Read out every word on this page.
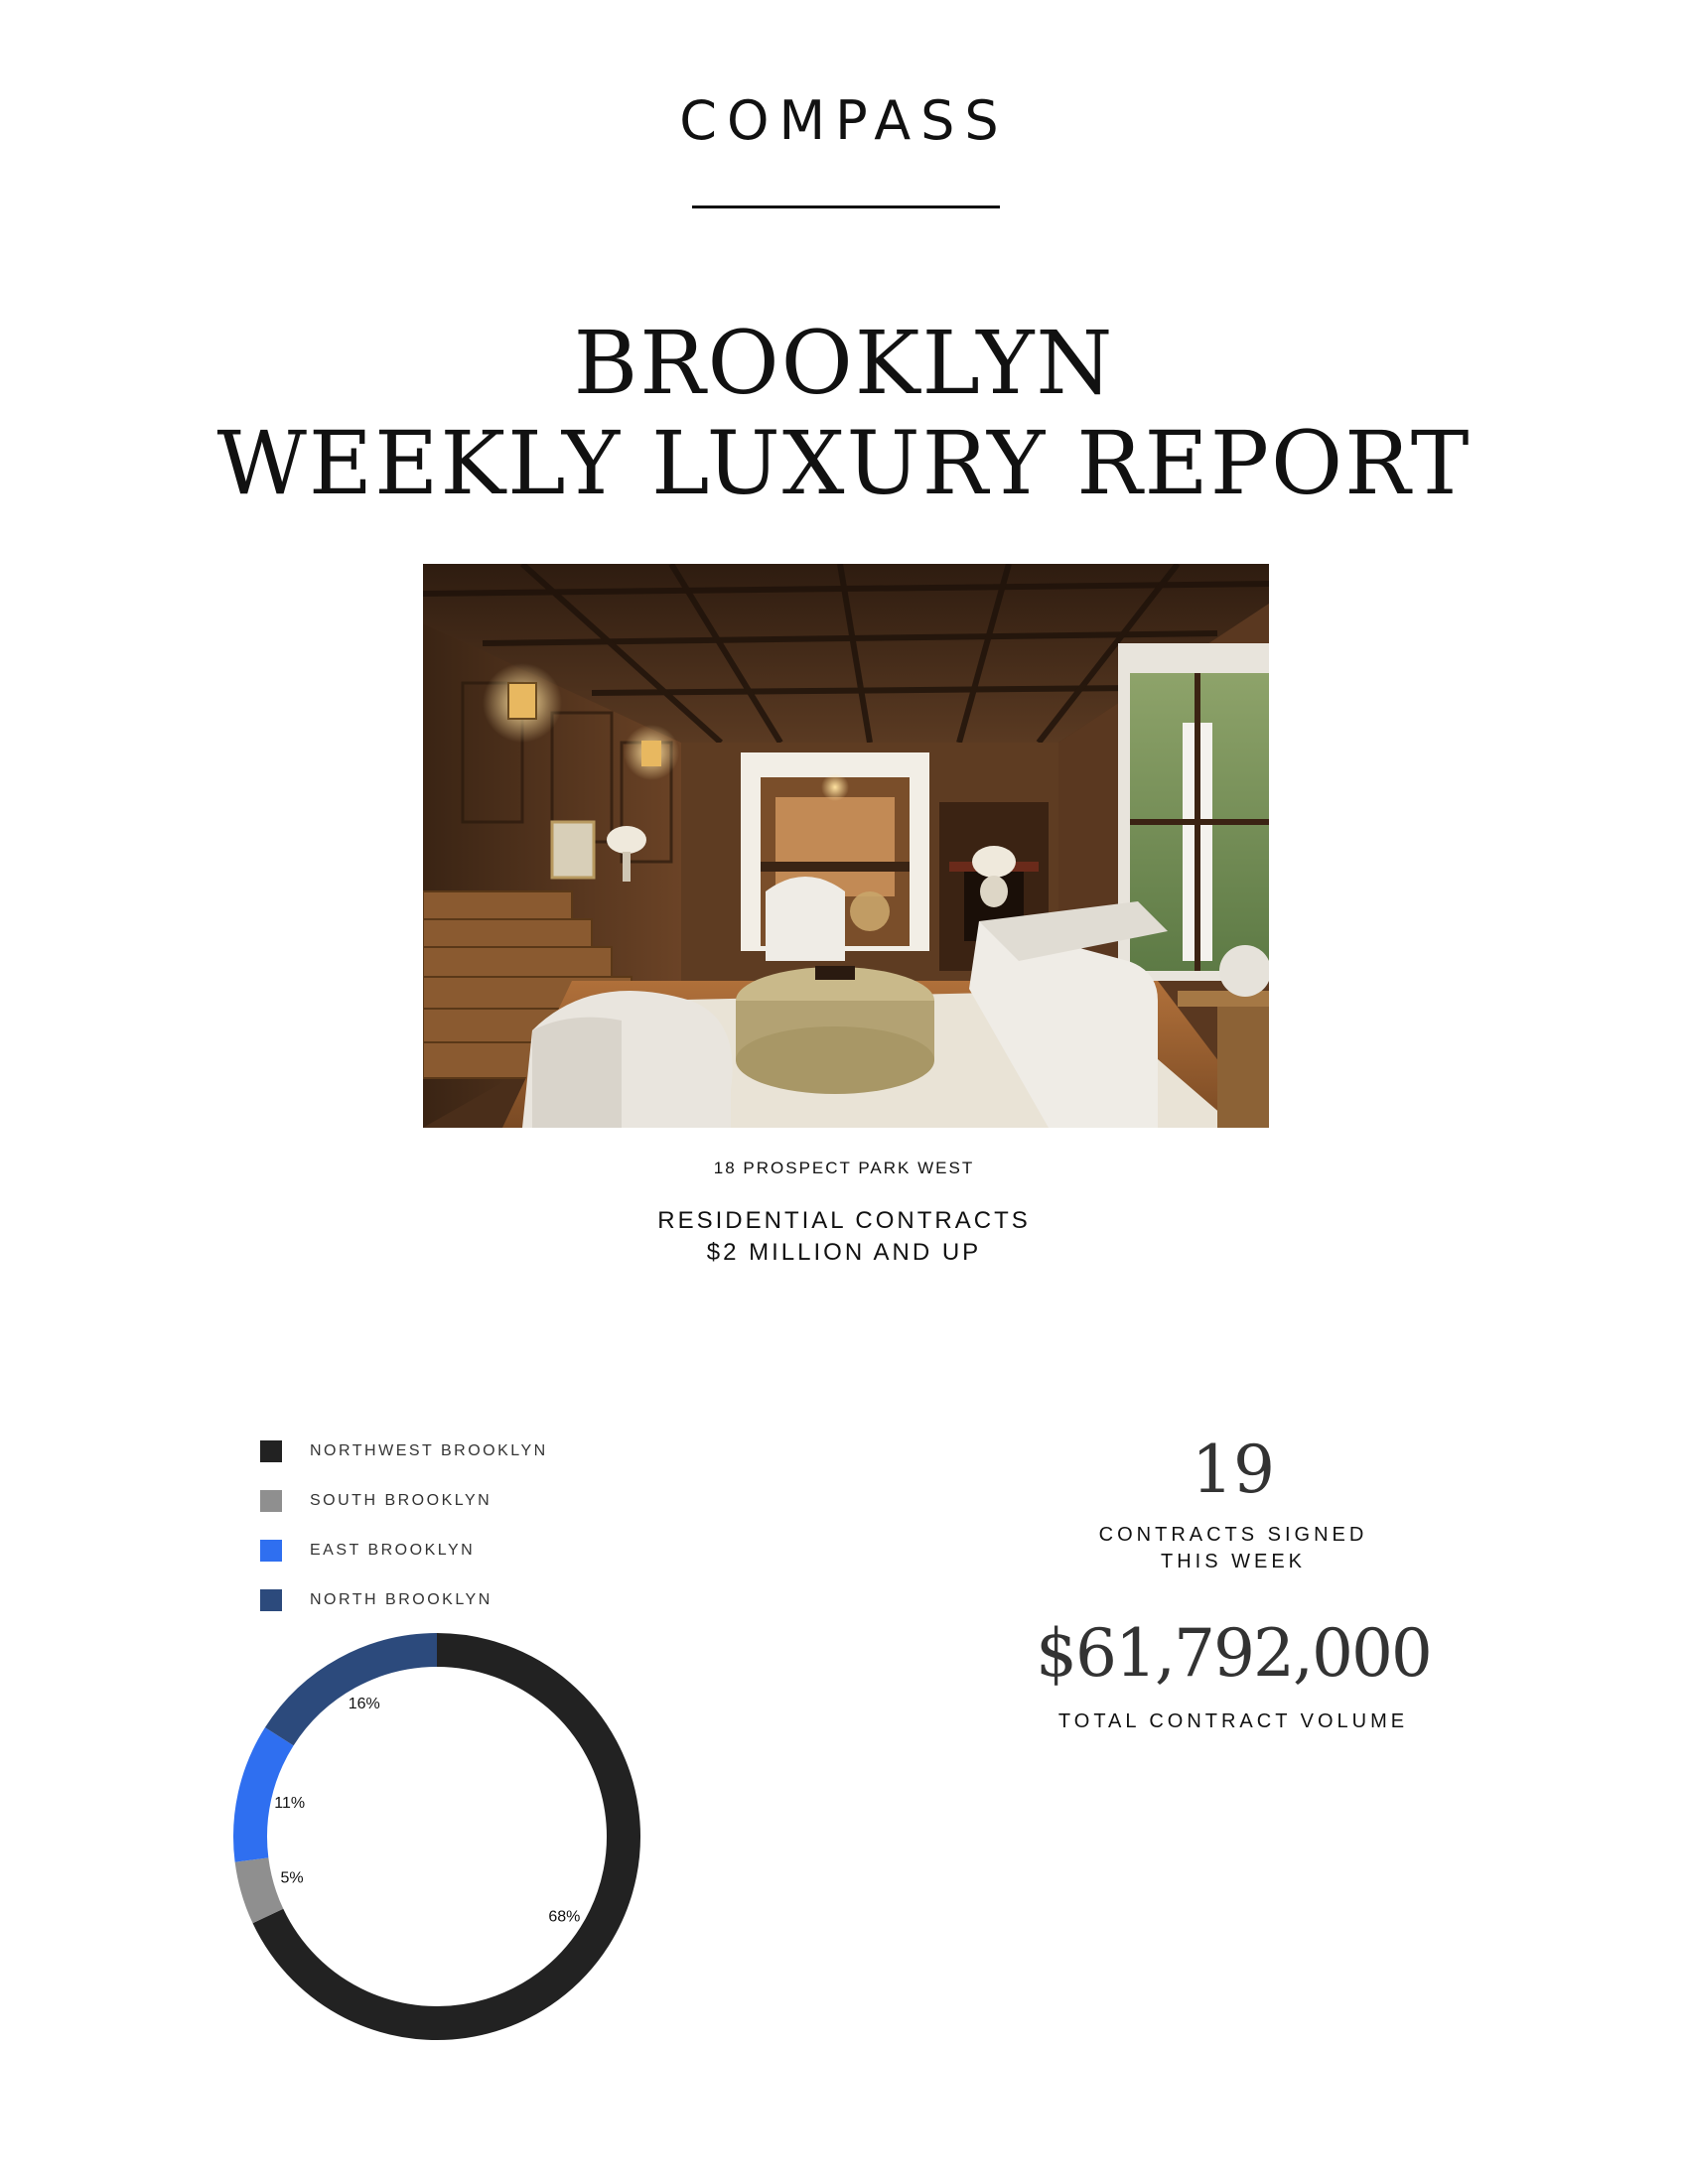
COMPASS
BROOKLYN
WEEKLY LUXURY REPORT
18 PROSPECT PARK WEST
RESIDENTIAL CONTRACTS
$2 MILLION AND UP
NORTHWEST BROOKLYN
SOUTH BROOKLYN
EAST BROOKLYN
NORTH BROOKLYN
68%
5%
11%
16%
19
CONTRACTS SIGNED
THIS WEEK
$61,792,000
TOTAL CONTRACT VOLUME
